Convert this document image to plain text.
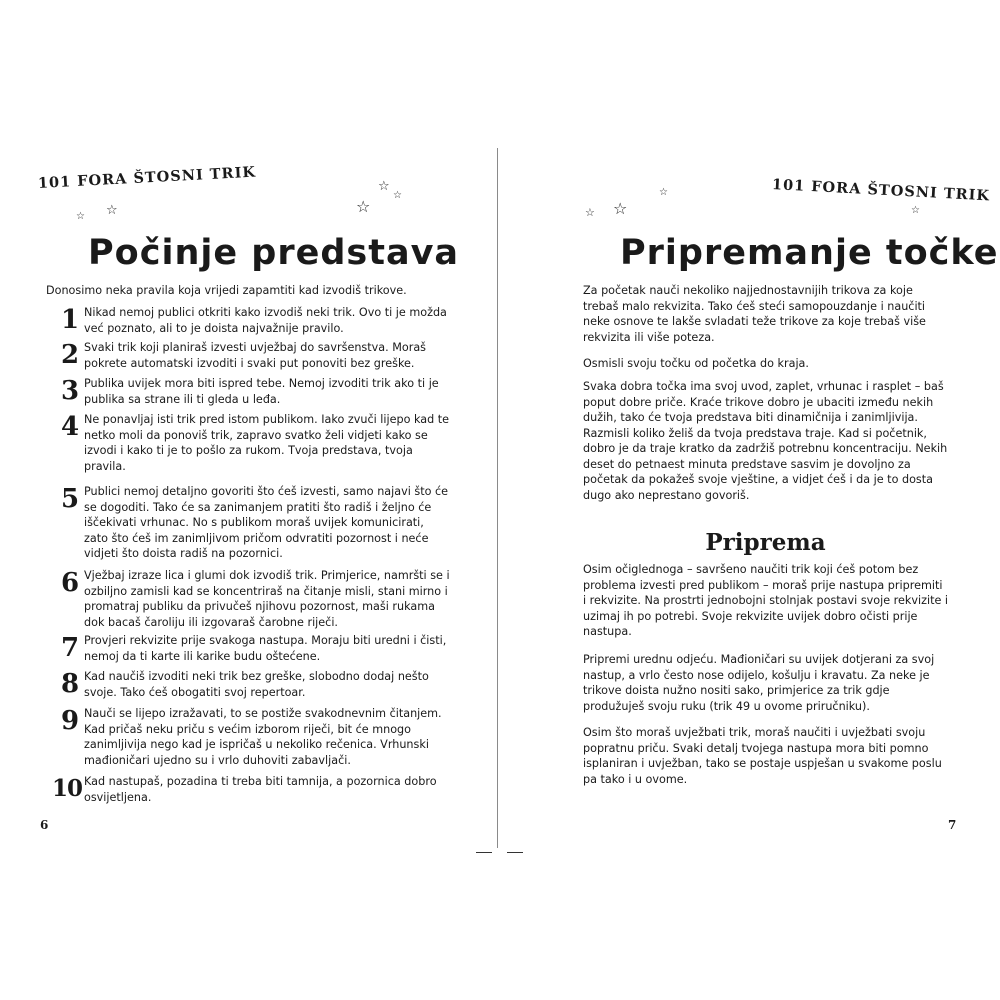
101 FORA ŠTOSNI TRIK
☆
☆
☆
☆
☆
Počinje predstava
Donosimo neka pravila koja vrijedi zapamtiti kad izvodiš trikove.
1 Nikad nemoj publici otkriti kako izvodiš neki trik. Ovo ti je možda već poznato, ali to je doista najvažnije pravilo.
2 Svaki trik koji planiraš izvesti uvježbaj do savršenstva. Moraš pokrete automatski izvoditi i svaki put ponoviti bez greške.
3 Publika uvijek mora biti ispred tebe. Nemoj izvoditi trik ako ti je publika sa strane ili ti gleda u leđa.
4 Ne ponavljaj isti trik pred istom publikom. Iako zvuči lijepo kad te netko moli da ponoviš trik, zapravo svatko želi vidjeti kako se izvodi i kako ti je to pošlo za rukom. Tvoja predstava, tvoja pravila.
5 Publici nemoj detaljno govoriti što ćeš izvesti, samo najavi što će se dogoditi. Tako će sa zanimanjem pratiti što radiš i željno će iščekivati vrhunac. No s publikom moraš uvijek komunicirati, zato što ćeš im zanimljivom pričom odvratiti pozornost i neće vidjeti što doista radiš na pozornici.
6 Vježbaj izraze lica i glumi dok izvodiš trik. Primjerice, namršti se i ozbiljno zamisli kad se koncentriraš na čitanje misli, stani mirno i promatraj publiku da privučeš njihovu pozornost, maši rukama dok bacaš čaroliju ili izgovaraš čarobne riječi.
7 Provjeri rekvizite prije svakoga nastupa. Moraju biti uredni i čisti, nemoj da ti karte ili karike budu oštećene.
8 Kad naučiš izvoditi neki trik bez greške, slobodno dodaj nešto svoje. Tako ćeš obogatiti svoj repertoar.
9 Nauči se lijepo izražavati, to se postiže svakodnevnim čitanjem. Kad pričaš neku priču s većim izborom riječi, bit će mnogo zanimljivija nego kad je ispričaš u nekoliko rečenica. Vrhunski mađioničari ujedno su i vrlo duhoviti zabavljači.
10 Kad nastupaš, pozadina ti treba biti tamnija, a pozornica dobro osvijetljena.
6
101 FORA ŠTOSNI TRIK
☆ ☆
☆
☆
Pripremanje točke
Za početak nauči nekoliko najjednostavnijih trikova za koje trebaš malo rekvizita. Tako ćeš steći samopouzdanje i naučiti neke osnove te lakše svladati teže trikove za koje trebaš više rekvizita ili više poteza.
Osmisli svoju točku od početka do kraja.
Svaka dobra točka ima svoj uvod, zaplet, vrhunac i rasplet – baš poput dobre priče. Kraće trikove dobro je ubaciti između nekih dužih, tako će tvoja predstava biti dinamičnija i zanimljivija. Razmisli koliko želiš da tvoja predstava traje. Kad si početnik, dobro je da traje kratko da zadržiš potrebnu koncentraciju. Nekih deset do petnaest minuta predstave sasvim je dovoljno za početak da pokažeš svoje vještine, a vidjet ćeš i da je to dosta dugo ako neprestano govoriš.
Priprema
Osim očiglednoga – savršeno naučiti trik koji ćeš potom bez problema izvesti pred publikom – moraš prije nastupa pripremiti i rekvizite. Na prostrti jednobojni stolnjak postavi svoje rekvizite i uzimaj ih po potrebi. Svoje rekvizite uvijek dobro očisti prije nastupa.
Pripremi urednu odjeću. Mađioničari su uvijek dotjerani za svoj nastup, a vrlo često nose odijelo, košulju i kravatu. Za neke je trikove doista nužno nositi sako, primjerice za trik gdje produžuješ svoju ruku (trik 49 u ovome priručniku).
Osim što moraš uvježbati trik, moraš naučiti i uvježbati svoju popratnu priču. Svaki detalj tvojega nastupa mora biti pomno isplaniran i uvježban, tako se postaje uspješan u svakome poslu pa tako i u ovome.
7
